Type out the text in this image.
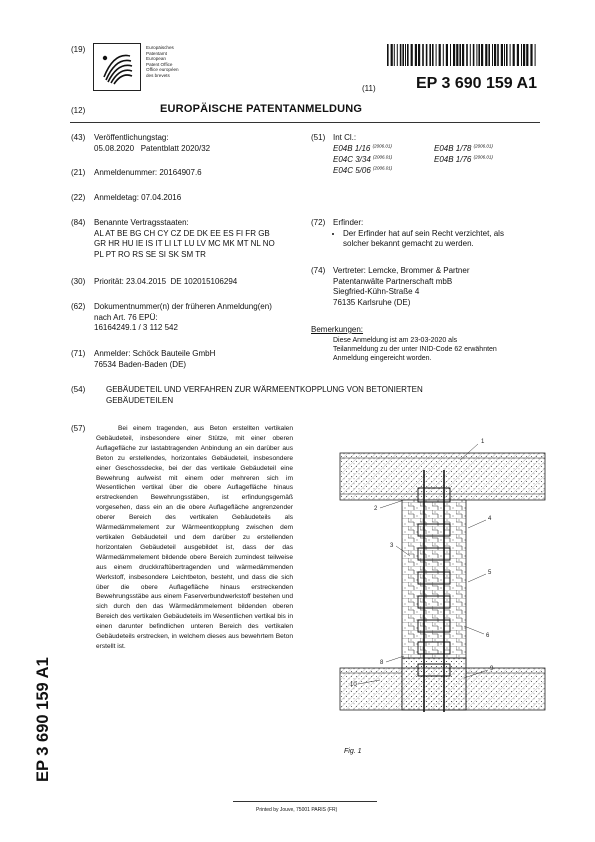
(19)	Europäisches
Patentamt
European
Patent Office
Office européen
des brevets
(11)	EP 3 690 159 A1
(12)	EUROPÄISCHE PATENTANMELDUNG
(43) Veröffentlichungstag:
05.08.2020   Patentblatt 2020/32
(21) Anmeldenummer: 20164907.6
(22) Anmeldetag: 07.04.2016
(84) Benannte Vertragsstaaten:
AL AT BE BG CH CY CZ DE DK EE ES FI FR GB
GR HR HU IE IS IT LI LT LU LV MC MK MT NL NO
PL PT RO RS SE SI SK SM TR
(30) Priorität: 23.04.2015  DE 102015106294
(62) Dokumentnummer(n) der früheren Anmeldung(en)
nach Art. 76 EPÜ:
16164249.1 / 3 112 542
(71) Anmelder: Schöck Bauteile GmbH
76534 Baden-Baden (DE)
(51) Int Cl.:
E04B 1/16 $^{(2006.01)}$	E04B 1/78 $^{(2006.01)}$
E04C 3/34 $^{(2006.01)}$	E04B 1/76 $^{(2006.01)}$
E04C 5/06 $^{(2006.01)}$
(72) Erfinder:
• Der Erfinder hat auf sein Recht verzichtet, als
solcher bekannt gemacht zu werden.
(74) Vertreter: Lemcke, Brommer & Partner
Patentanwälte Partnerschaft mbB
Siegfried-Kühn-Straße 4
76135 Karlsruhe (DE)
Bemerkungen:
Diese Anmeldung ist am 23-03-2020 als
Teilanmeldung zu der unter INID-Code 62 erwähnten
Anmeldung eingereicht worden.
(54)	GEBÄUDETEIL UND VERFAHREN ZUR WÄRMEENTKOPPLUNG VON BETONIERTEN
GEBÄUDETEILEN
(57)	Bei einem tragenden, aus Beton erstellten vertikalen Gebäudeteil, insbesondere einer Stütze, mit einer oberen Auflagefläche zur lastabtragenden Anbindung an ein darüber aus Beton zu erstellendes, horizontales Gebäudeteil, insbesondere einer Geschossdecke, bei der das vertikale Gebäudeteil eine Bewehrung aufweist mit einem oder mehreren sich im Wesentlichen vertikal über die obere Auflagefläche hinaus erstreckenden Bewehrungsstäben, ist erfindungsgemäß vorgesehen, dass ein an die obere Auflagefläche angrenzender oberer Bereich des vertikalen Gebäudeteils als Wärmedämmelement zur Wärmeentkopplung zwischen dem vertikalen Gebäudeteil und dem darüber zu erstellenden horizontalen Gebäudeteil ausgebildet ist, dass der das Wärmedämmelement bildende obere Bereich zumindest teilweise aus einem druckkraftübertragenden und wärmedämmenden Werkstoff, insbesondere Leichtbeton, besteht, und dass die sich über die obere Auflagefläche hinaus erstreckenden Bewehrungsstäbe aus einem Faserverbundwerkstoff bestehen und sich durch den das Wärmedämmelement bildenden oberen Bereich des vertikalen Gebäudeteils im Wesentlichen vertikal bis in einen darunter befindlichen unteren Bereich des vertikalen Gebäudeteils erstrecken, in welchem dieses aus bewehrtem Beton erstellt ist.
1
2
3
4
5
6
8
9
10
Fig. 1
EP 3 690 159 A1
Printed by Jouve, 75001 PARIS (FR)
